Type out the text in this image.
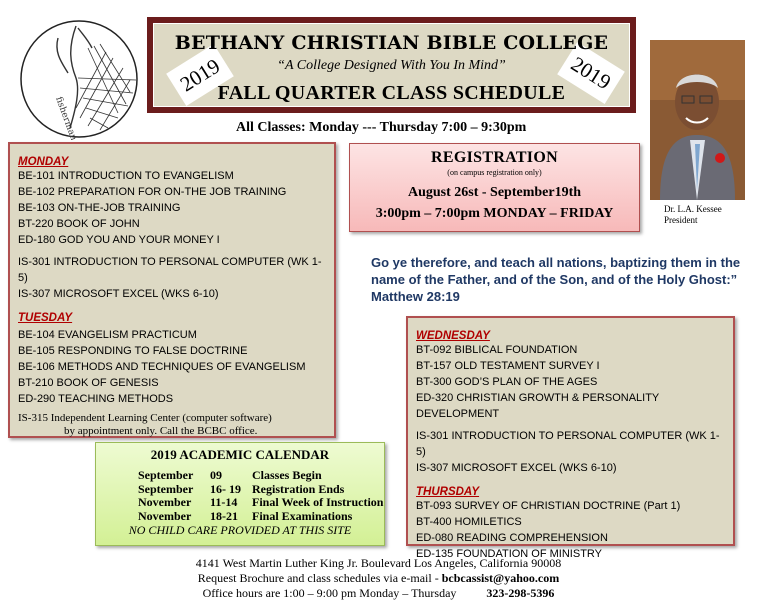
fisherman
2019	2019
BETHANY CHRISTIAN BIBLE COLLEGE
“A College Designed With You In Mind”
FALL QUARTER CLASS SCHEDULE
All Classes: Monday --- Thursday 7:00 – 9:30pm
Dr. L.A. Kessee
President
MONDAY
BE-101 INTRODUCTION TO EVANGELISM
BE-102 PREPARATION FOR ON-THE JOB TRAINING
BE-103 ON-THE-JOB TRAINING
BT-220 BOOK OF JOHN
ED-180 GOD YOU AND YOUR MONEY I
IS-301 INTRODUCTION TO PERSONAL COMPUTER (WK 1-5)
IS-307 MICROSOFT EXCEL (WKS 6-10)
TUESDAY
BE-104 EVANGELISM PRACTICUM
BE-105 RESPONDING TO FALSE DOCTRINE
BE-106 METHODS AND TECHNIQUES OF EVANGELISM
BT-210 BOOK OF GENESIS
ED-290 TEACHING METHODS
IS-315 Independent Learning Center (computer software)
by appointment only. Call the BCBC office.
REGISTRATION
(on campus registration only)
August 26st - September19th
3:00pm – 7:00pm MONDAY – FRIDAY
Go ye therefore, and teach all nations, baptizing them in the name of the Father, and of the Son, and of the Holy Ghost:” Matthew 28:19
WEDNESDAY
BT-092 BIBLICAL FOUNDATION
BT-157 OLD TESTAMENT SURVEY I
BT-300 GOD’S PLAN OF THE AGES
ED-320 CHRISTIAN GROWTH & PERSONALITY DEVELOPMENT
IS-301 INTRODUCTION TO PERSONAL COMPUTER (WK 1-5)
IS-307 MICROSOFT EXCEL (WKS 6-10)
THURSDAY
BT-093 SURVEY OF CHRISTIAN DOCTRINE (Part 1)
BT-400 HOMILETICS
ED-080 READING COMPREHENSION
ED-135 FOUNDATION OF MINISTRY
2019 ACADEMIC CALENDAR
September	09	Classes Begin
September	16- 19	Registration Ends
November	11-14	Final Week of Instruction
November	18-21	Final Examinations
NO CHILD CARE PROVIDED AT THIS SITE
4141 West Martin Luther King Jr. Boulevard Los Angeles, California 90008
Request Brochure and class schedules via e-mail - bcbcassist@yahoo.com
Office hours are 1:00 – 9:00 pm Monday – Thursday	323-298-5396
